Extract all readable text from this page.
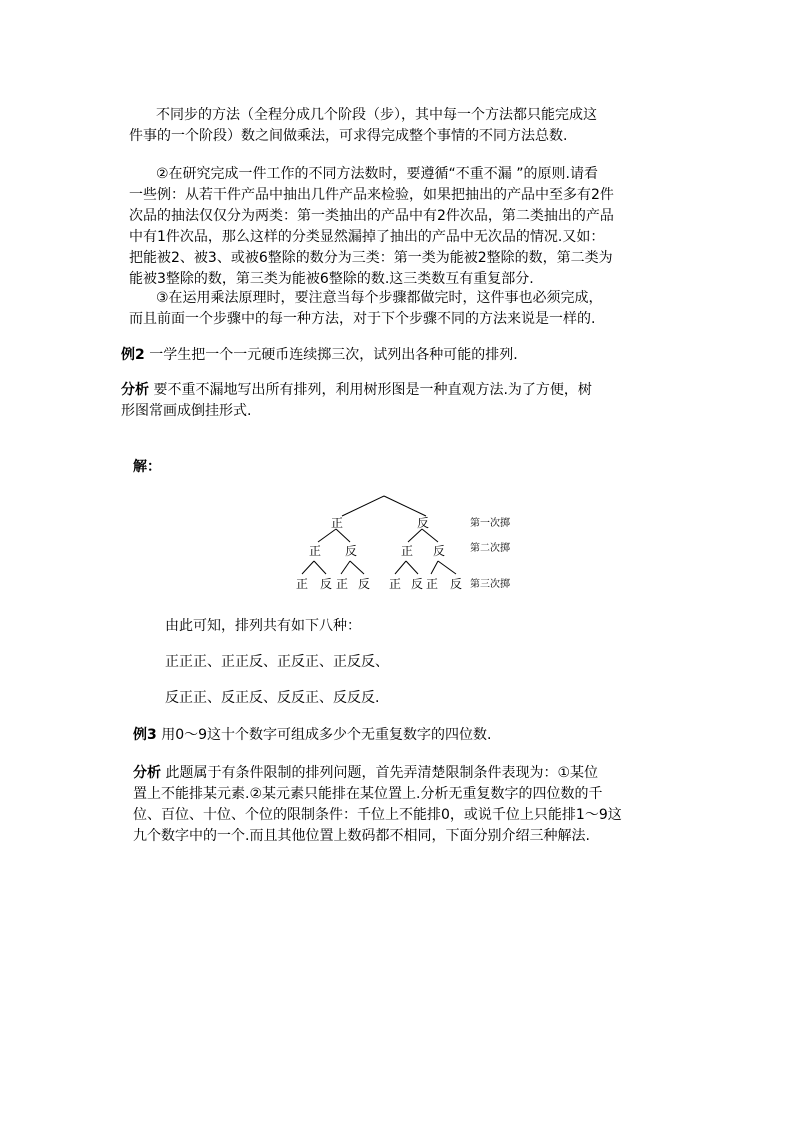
不同步的方法（全程分成几个阶段（步），其中每一个方法都只能完成这
件事的一个阶段）数之间做乘法，可求得完成整个事情的不同方法总数.
②在研究完成一件工作的不同方法数时，要遵循“不重不漏 ”的原则.请看
一些例：从若干件产品中抽出几件产品来检验，如果把抽出的产品中至多有2件
次品的抽法仅仅分为两类：第一类抽出的产品中有2件次品，第二类抽出的产品
中有1件次品，那么这样的分类显然漏掉了抽出的产品中无次品的情况.又如：
把能被2、被3、或被6整除的数分为三类：第一类为能被2整除的数，第二类为
能被3整除的数，第三类为能被6整除的数.这三类数互有重复部分.
③在运用乘法原理时，要注意当每个步骤都做完时，这件事也必须完成，
而且前面一个步骤中的每一种方法，对于下个步骤不同的方法来说是一样的.
例2 一学生把一个一元硬币连续掷三次，试列出各种可能的排列.
分析 要不重不漏地写出所有排列，利用树形图是一种直观方法.为了方便，树
形图常画成倒挂形式.
解：
正	反
正 反	正 反
正 反 正 反 正 反 正 反
第一次掷
第二次掷
第三次掷
由此可知，排列共有如下八种：
正正正、正正反、正反正、正反反、
反正正、反正反、反反正、反反反.
例3 用0～9这十个数字可组成多少个无重复数字的四位数.
分析 此题属于有条件限制的排列问题，首先弄清楚限制条件表现为：①某位
置上不能排某元素.②某元素只能排在某位置上.分析无重复数字的四位数的千
位、百位、十位、个位的限制条件：千位上不能排0，或说千位上只能排1～9这
九个数字中的一个.而且其他位置上数码都不相同，下面分别介绍三种解法.
